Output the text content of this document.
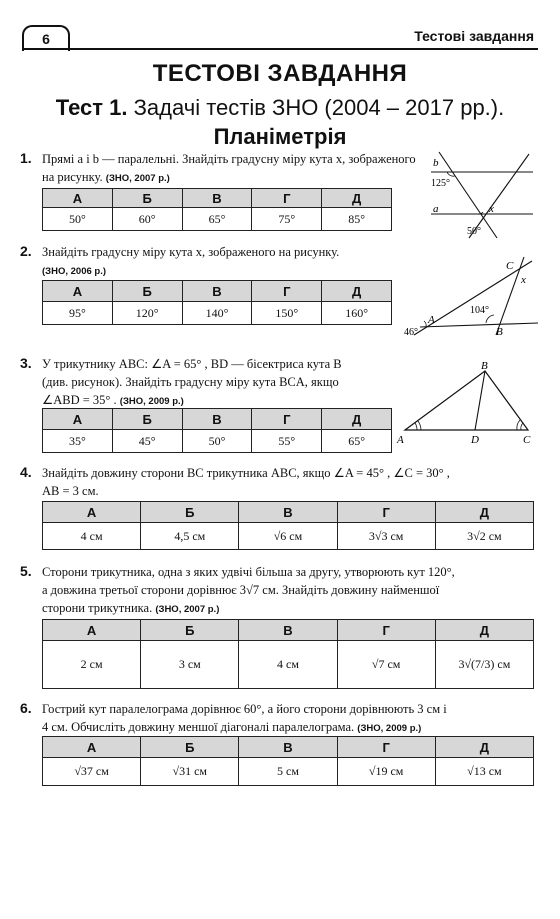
6	Тестові завдання
ТЕСТОВІ ЗАВДАННЯ
Тест 1. Задачі тестів ЗНО (2004 – 2017 рр.).
Планіметрія
1. Прямі a і b — паралельні. Знайдіть градусну міру кута x, зображеного на рисунку. (ЗНО, 2007 р.)
А	Б	В	Г	Д
50°	60°	65°	75°	85°
b
a
125°
x
50°
2. Знайдіть градусну міру кута x, зображеного на рисунку.
(ЗНО, 2006 р.)
А	Б	В	Г	Д
95°	120°	140°	150°	160°
C
x
104°
A
B
46°
3. У трикутнику ABC: ∠A = 65° , BD — бісектриса кута B
(див. рисунок). Знайдіть градусну міру кута BCA, якщо
∠ABD = 35° . (ЗНО, 2009 р.)
А	Б	В	Г	Д
35°	45°	50°	55°	65°
B
A	D	C
4. Знайдіть довжину сторони BC трикутника ABC, якщо ∠A = 45° , ∠C = 30° ,
AB = 3 см.
А	Б	В	Г	Д
4 см	4,5 см	√6 см	3√3 см	3√2 см
5. Сторони трикутника, одна з яких удвічі більша за другу, утворюють кут 120°,
а довжина третьої сторони дорівнює 3√7 см. Знайдіть довжину найменшої
сторони трикутника. (ЗНО, 2007 р.)
А	Б	В	Г	Д
2 см	3 см	4 см	√7 см	3√(7/3) см
6. Гострий кут паралелограма дорівнює 60°, а його сторони дорівнюють 3 см і
4 см. Обчисліть довжину меншої діагоналі паралелограма. (ЗНО, 2009 р.)
А	Б	В	Г	Д
√37 см	√31 см	5 см	√19 см	√13 см
